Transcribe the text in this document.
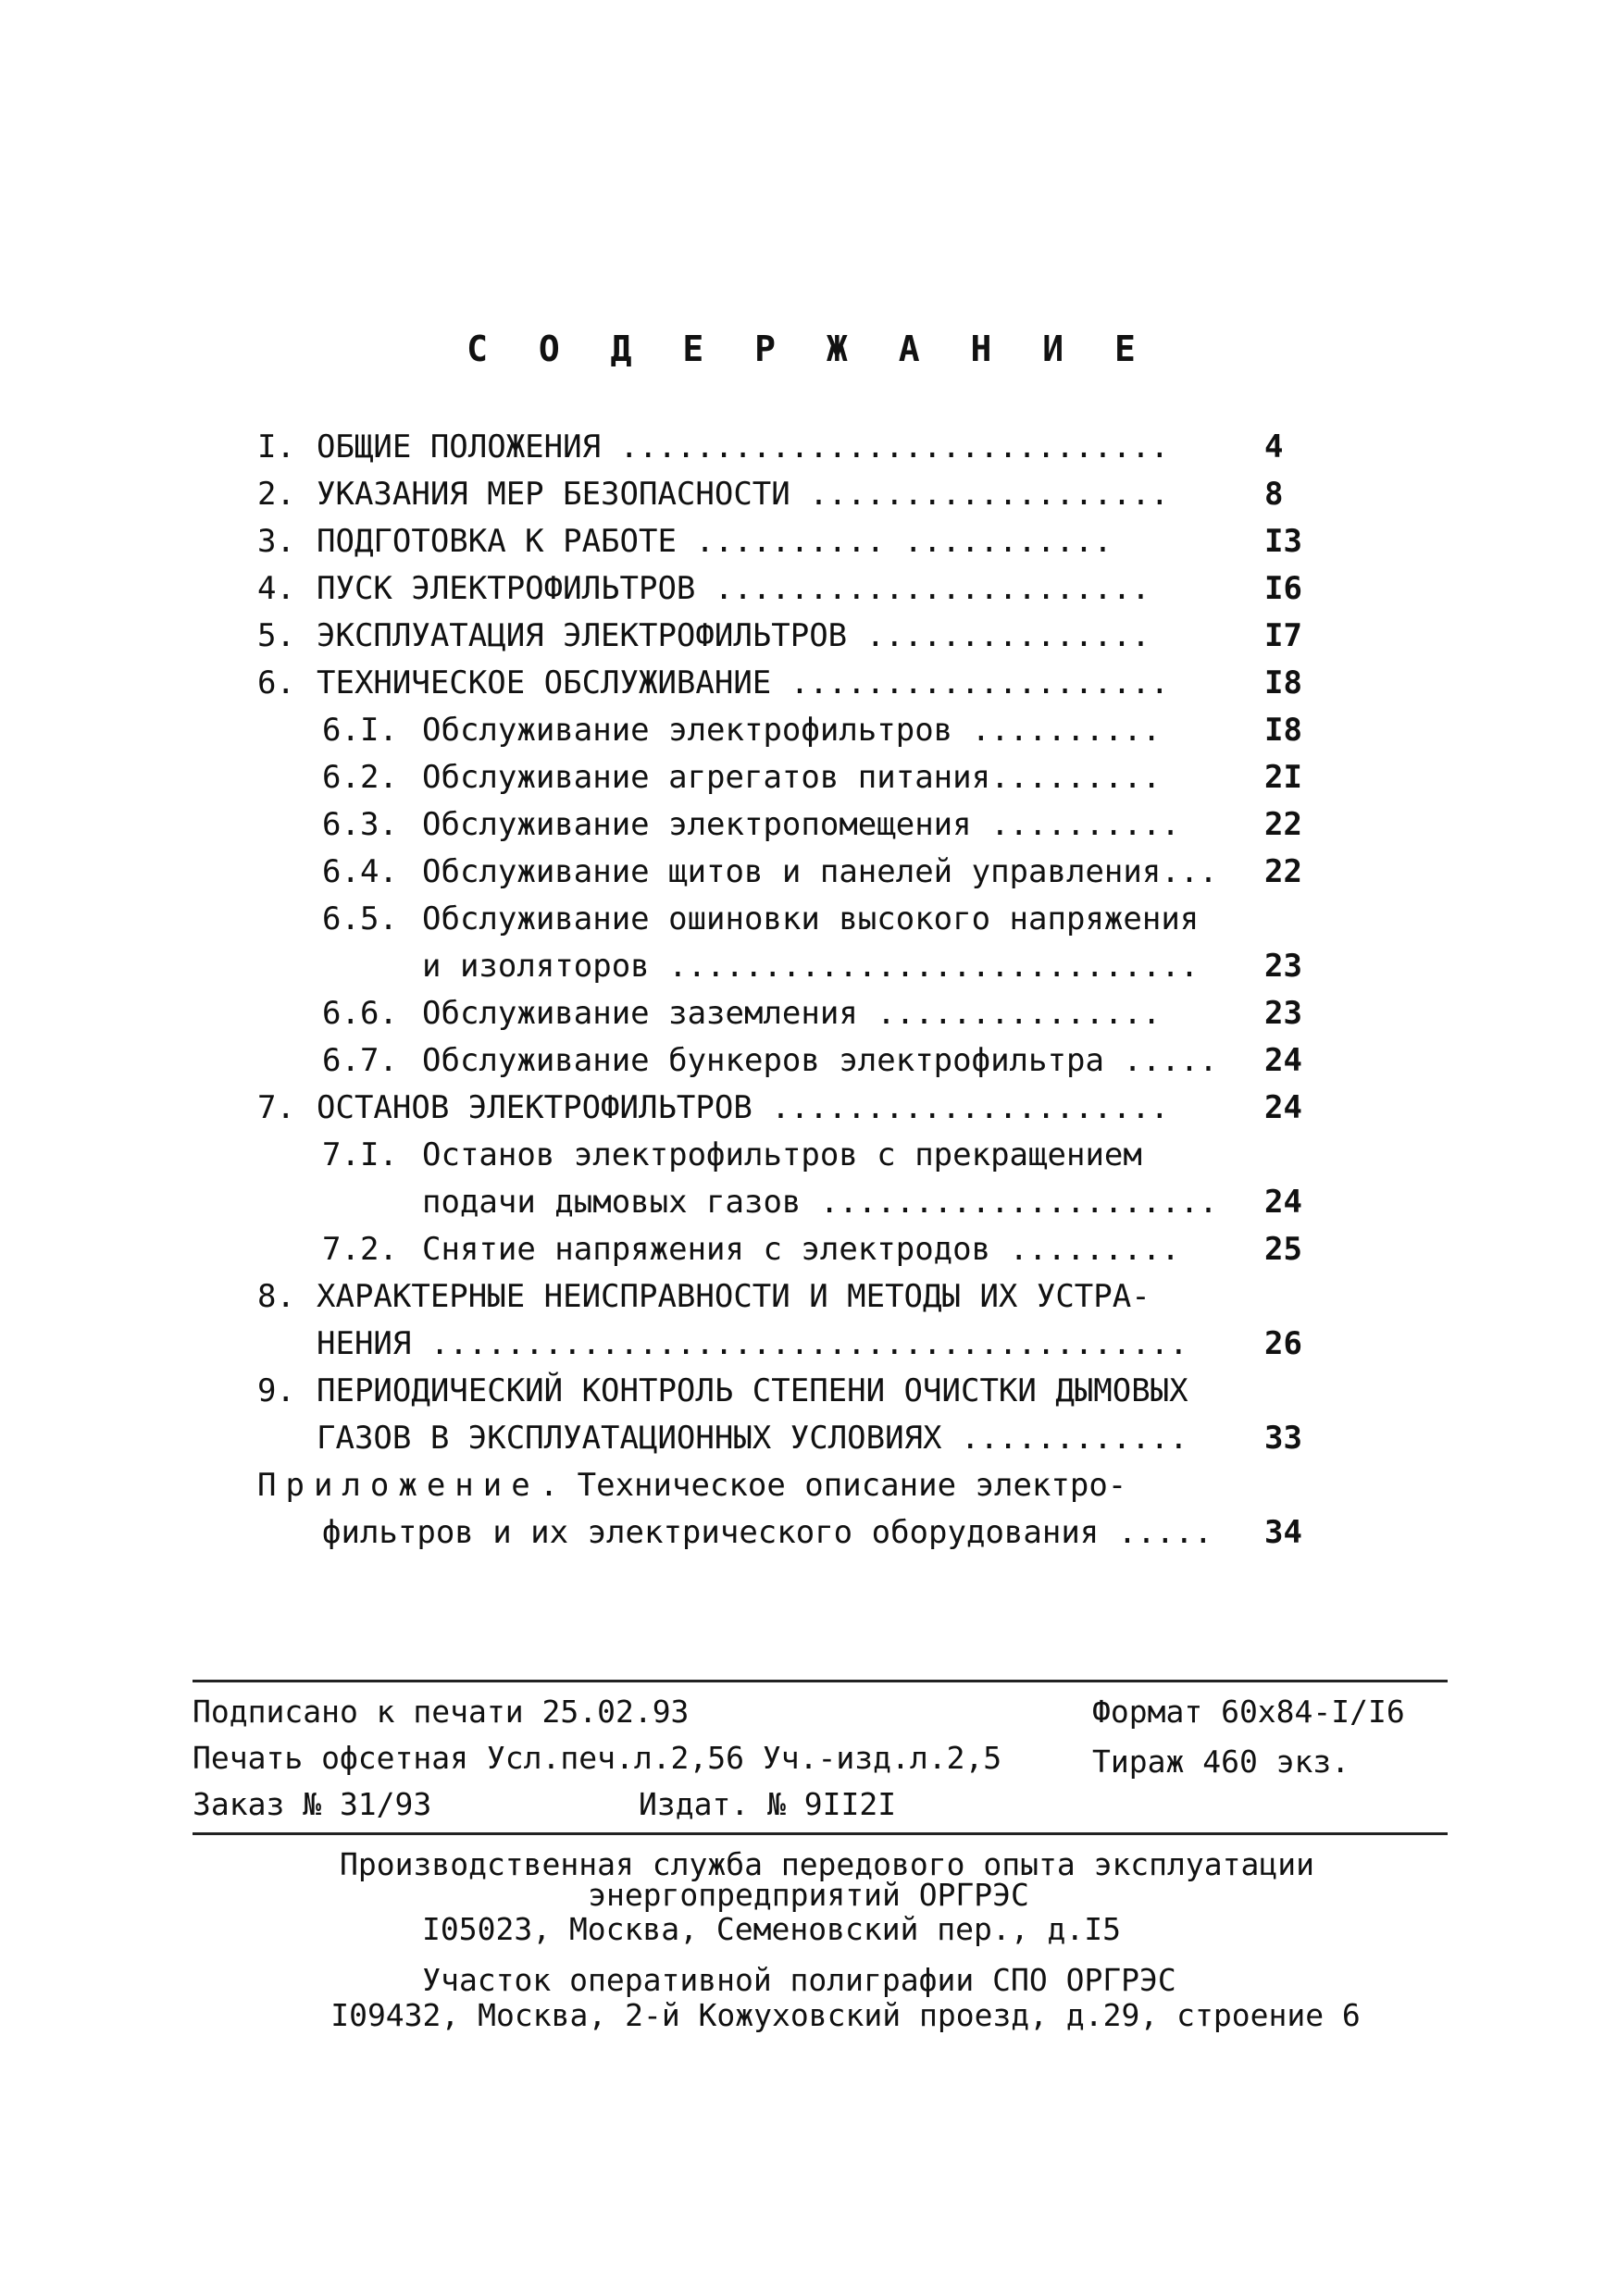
С О Д Е Р Ж А Н И Е
I. ОБЩИЕ ПОЛОЖЕНИЯ .............................	4
2. УКАЗАНИЯ МЕР БЕЗОПАСНОСТИ ...................	8
3. ПОДГОТОВКА К РАБОТЕ .......... ...........	I3
4. ПУСК ЭЛЕКТРОФИЛЬТРОВ .......................	I6
5. ЭКСПЛУАТАЦИЯ ЭЛЕКТРОФИЛЬТРОВ ...............	I7
6. ТЕХНИЧЕСКОЕ ОБСЛУЖИВАНИЕ ....................	I8
6.I. Обслуживание электрофильтров ..........	I8
6.2. Обслуживание агрегатов питания.........	2I
6.3. Обслуживание электропомещения ..........	22
6.4. Обслуживание щитов и панелей управления... 22
6.5. Обслуживание ошиновки высокого напряжения
и изоляторов ............................ 23
6.6. Обслуживание заземления ...............	23
6.7. Обслуживание бункеров электрофильтра ..... 24
7. ОСТАНОВ ЭЛЕКТРОФИЛЬТРОВ .....................	24
7.I. Останов электрофильтров с прекращением
подачи дымовых газов ..................... 24
7.2. Снятие напряжения с электродов .........	25
8. ХАРАКТЕРНЫЕ НЕИСПРАВНОСТИ И МЕТОДЫ ИХ УСТРА-
НЕНИЯ ........................................ 26
9. ПЕРИОДИЧЕСКИЙ КОНТРОЛЬ СТЕПЕНИ ОЧИСТКИ ДЫМОВЫХ
ГАЗОВ В ЭКСПЛУАТАЦИОННЫХ УСЛОВИЯХ ............ 33
Приложение. Техническое описание электро-
фильтров и их электрического оборудования ..... 34
Подписано к печати 25.02.93	Формат 60х84-I/I6
Печать офсетная Усл.печ.л.2,56 Уч.-изд.л.2,5	Тираж 460 экз.
Заказ № 31/93	Издат. № 9II2I
Производственная служба передового опыта эксплуатации
энергопредприятий ОРГРЭС
I05023, Москва, Семеновский пер., д.I5
Участок оперативной полиграфии СПО ОРГРЭС
I09432, Москва, 2-й Кожуховский проезд, д.29, строение 6
